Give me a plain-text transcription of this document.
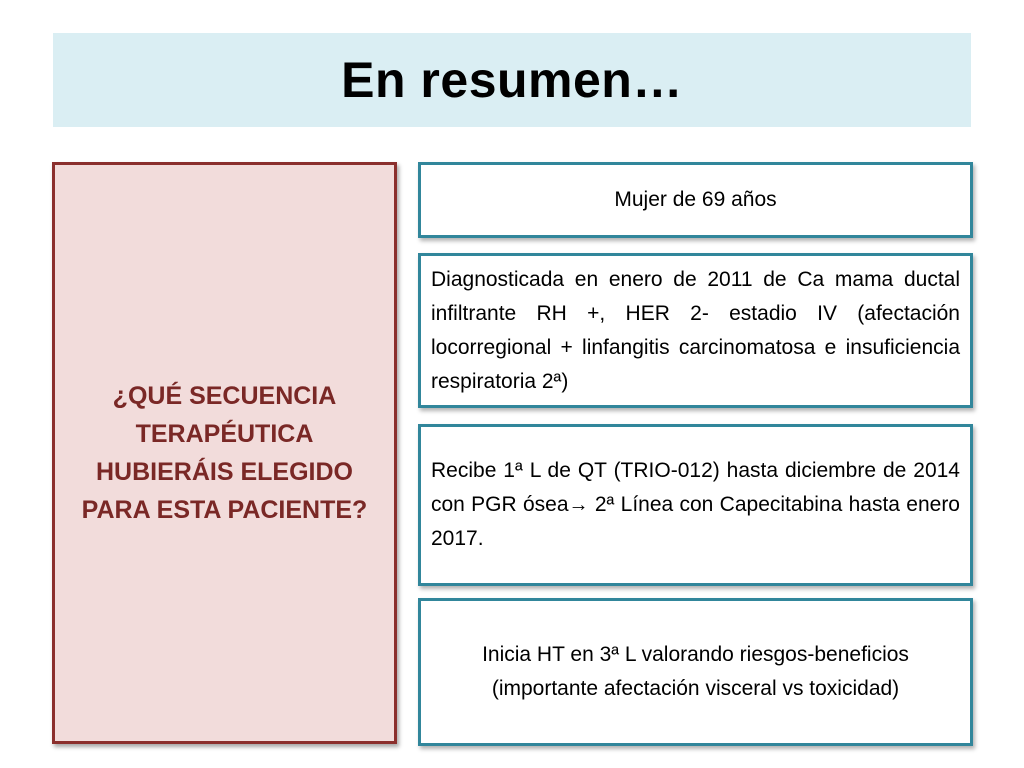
En resumen…

¿QUÉ SECUENCIA TERAPÉUTICA HUBIERÁIS ELEGIDO PARA ESTA PACIENTE?

Mujer de 69 años

Diagnosticada en enero de 2011 de Ca mama ductal infiltrante RH +, HER 2- estadio IV (afectación locorregional + linfangitis carcinomatosa e insuficiencia respiratoria 2ª)

Recibe 1ª L de QT (TRIO-012) hasta diciembre de 2014 con PGR ósea→ 2ª Línea con Capecitabina hasta enero 2017.

Inicia HT en 3ª L valorando riesgos-beneficios (importante afectación visceral vs toxicidad)
